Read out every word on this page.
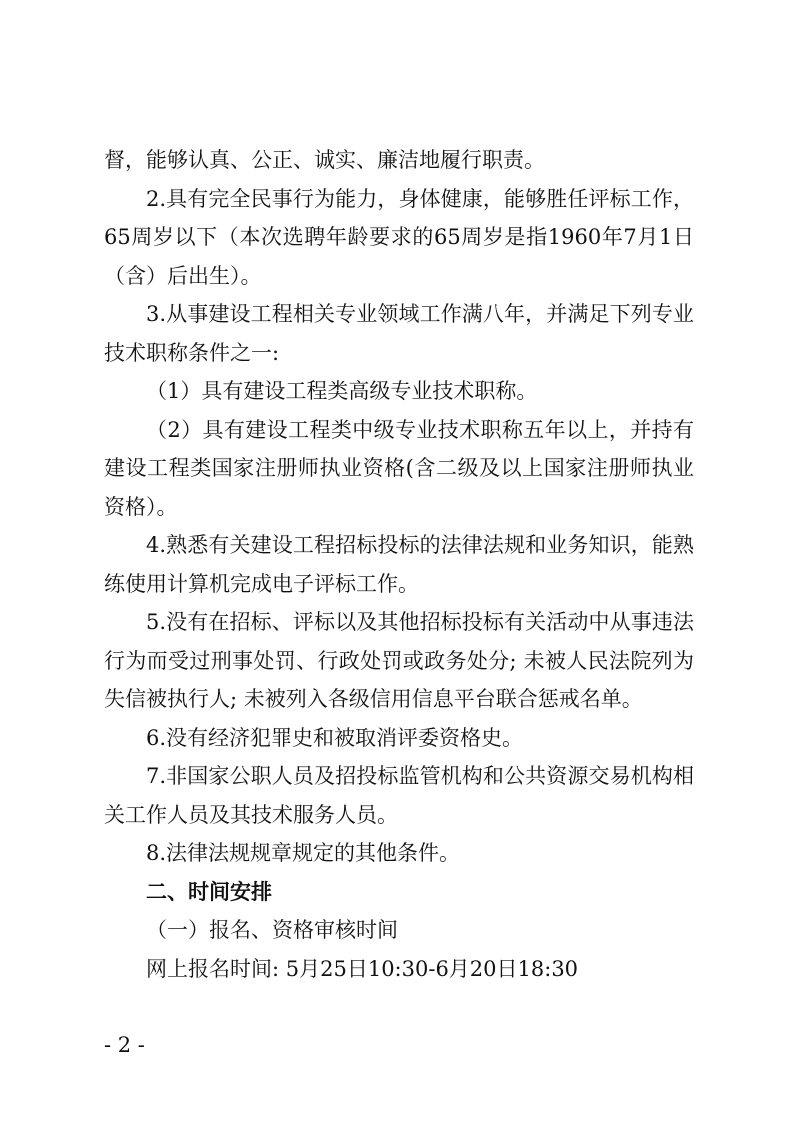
督，能够认真、公正、诚实、廉洁地履行职责。

2.具有完全民事行为能力，身体健康，能够胜任评标工作，65周岁以下（本次选聘年龄要求的65周岁是指1960年7月1日（含）后出生）。

3.从事建设工程相关专业领域工作满八年，并满足下列专业技术职称条件之一:

（1）具有建设工程类高级专业技术职称。

（2）具有建设工程类中级专业技术职称五年以上，并持有建设工程类国家注册师执业资格(含二级及以上国家注册师执业资格）。

4.熟悉有关建设工程招标投标的法律法规和业务知识，能熟练使用计算机完成电子评标工作。

5.没有在招标、评标以及其他招标投标有关活动中从事违法行为而受过刑事处罚、行政处罚或政务处分; 未被人民法院列为失信被执行人; 未被列入各级信用信息平台联合惩戒名单。

6.没有经济犯罪史和被取消评委资格史。

7.非国家公职人员及招投标监管机构和公共资源交易机构相关工作人员及其技术服务人员。

8.法律法规规章规定的其他条件。

二、时间安排

（一）报名、资格审核时间

网上报名时间: 5月25日10:30-6月20日18:30

- 2 -
